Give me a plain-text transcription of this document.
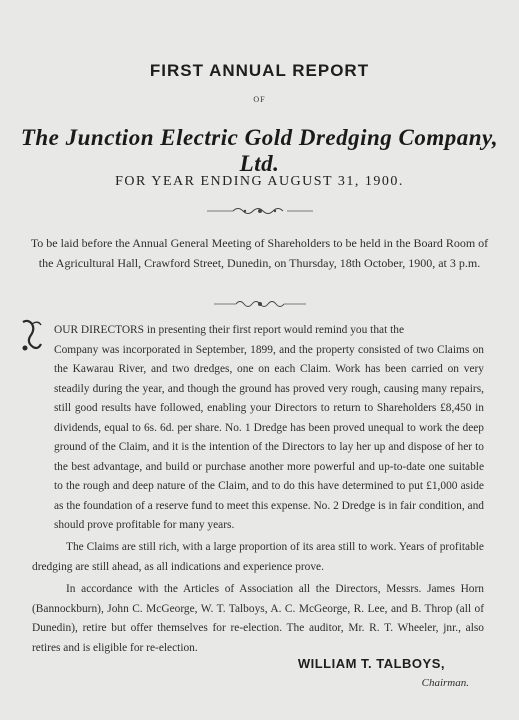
FIRST ANNUAL REPORT
OF
The Junction Electric Gold Dredging Company, Ltd.
FOR YEAR ENDING AUGUST 31, 1900.
To be laid before the Annual General Meeting of Shareholders to be held in the Board Room of the Agricultural Hall, Crawford Street, Dunedin, on Thursday, 18th October, 1900, at 3 p.m.
OUR DIRECTORS in presenting their first report would remind you that the
Company was incorporated in September, 1899, and the property consisted of two Claims on the Kawarau River, and two dredges, one on each Claim. Work has been carried on very steadily during the year, and though the ground has proved very rough, causing many repairs, still good results have followed, enabling your Directors to return to Shareholders £8,450 in dividends, equal to 6s. 6d. per share. No. 1 Dredge has been proved unequal to work the deep ground of the Claim, and it is the intention of the Directors to lay her up and dispose of her to the best advantage, and build or purchase another more powerful and up-to-date one suitable to the rough and deep nature of the Claim, and to do this have determined to put £1,000 aside as the foundation of a reserve fund to meet this expense. No. 2 Dredge is in fair condition, and should prove profitable for many years.
The Claims are still rich, with a large proportion of its area still to work. Years of profitable dredging are still ahead, as all indications and experience prove.
In accordance with the Articles of Association all the Directors, Messrs. James Horn (Bannockburn), John C. McGeorge, W. T. Talboys, A. C. McGeorge, R. Lee, and B. Throp (all of Dunedin), retire but offer themselves for re-election. The auditor, Mr. R. T. Wheeler, jnr., also retires and is eligible for re-election.
WILLIAM T. TALBOYS,
Chairman.
